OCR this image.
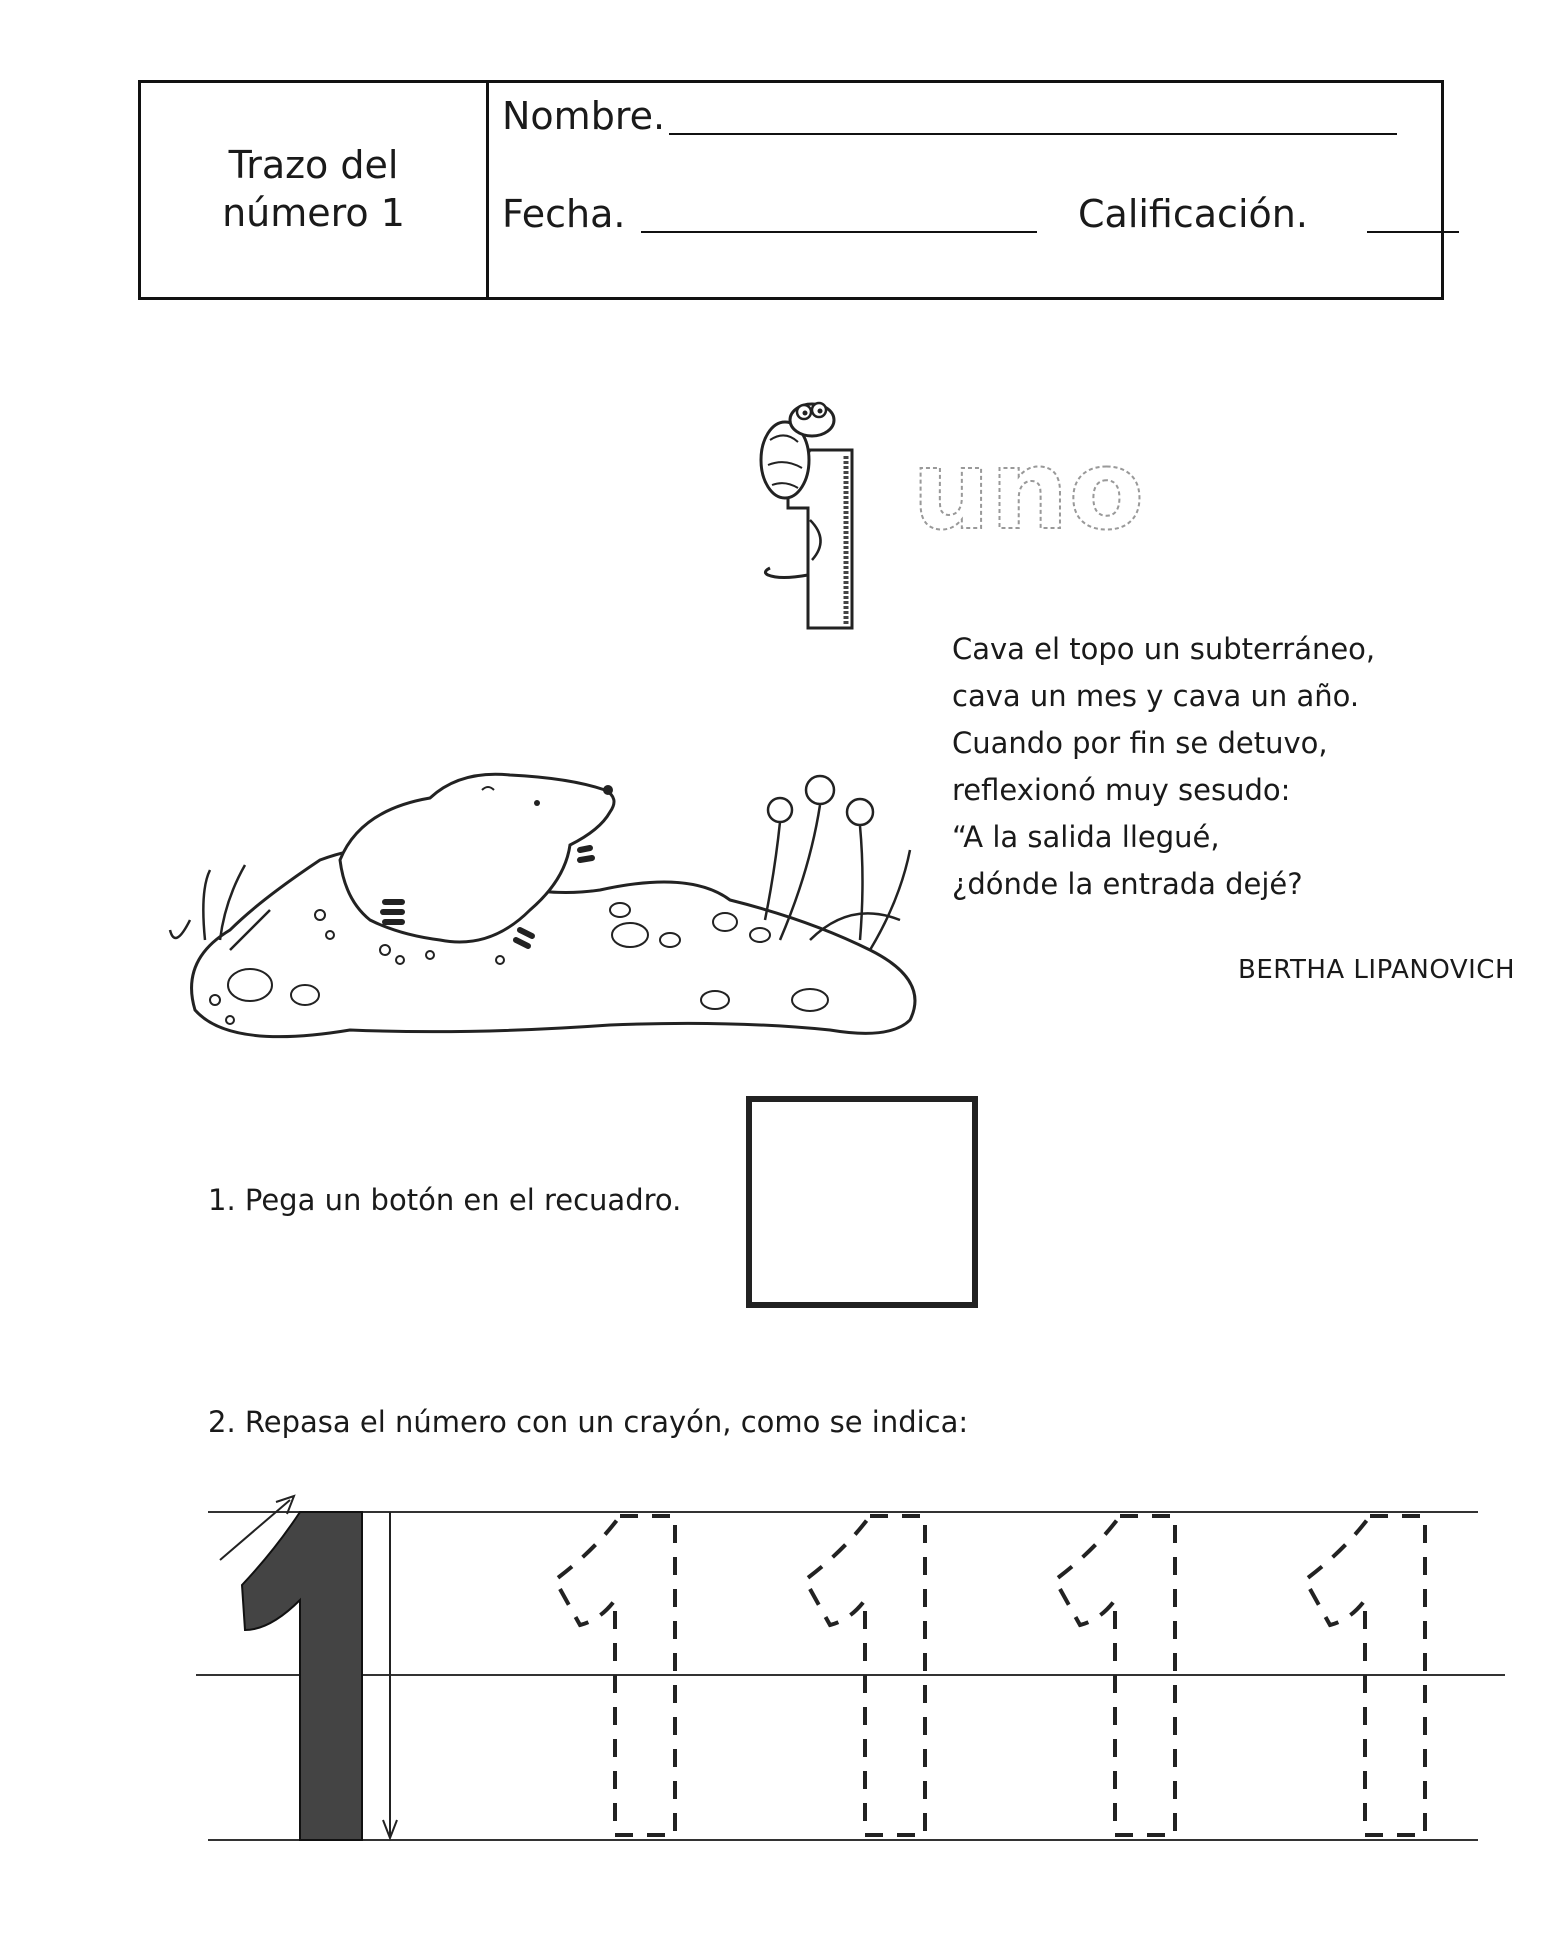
Trazo del
número 1
Nombre.
Fecha.	Calificación.
uno
Cava el topo un subterráneo,
cava un mes y cava un año.
Cuando por fin se detuvo,
reflexionó muy sesudo:
“A la salida llegué,
¿dónde la entrada dejé?
BERTHA LIPANOVICH
1. Pega un botón en el recuadro.
2. Repasa el número con un crayón, como se indica:
